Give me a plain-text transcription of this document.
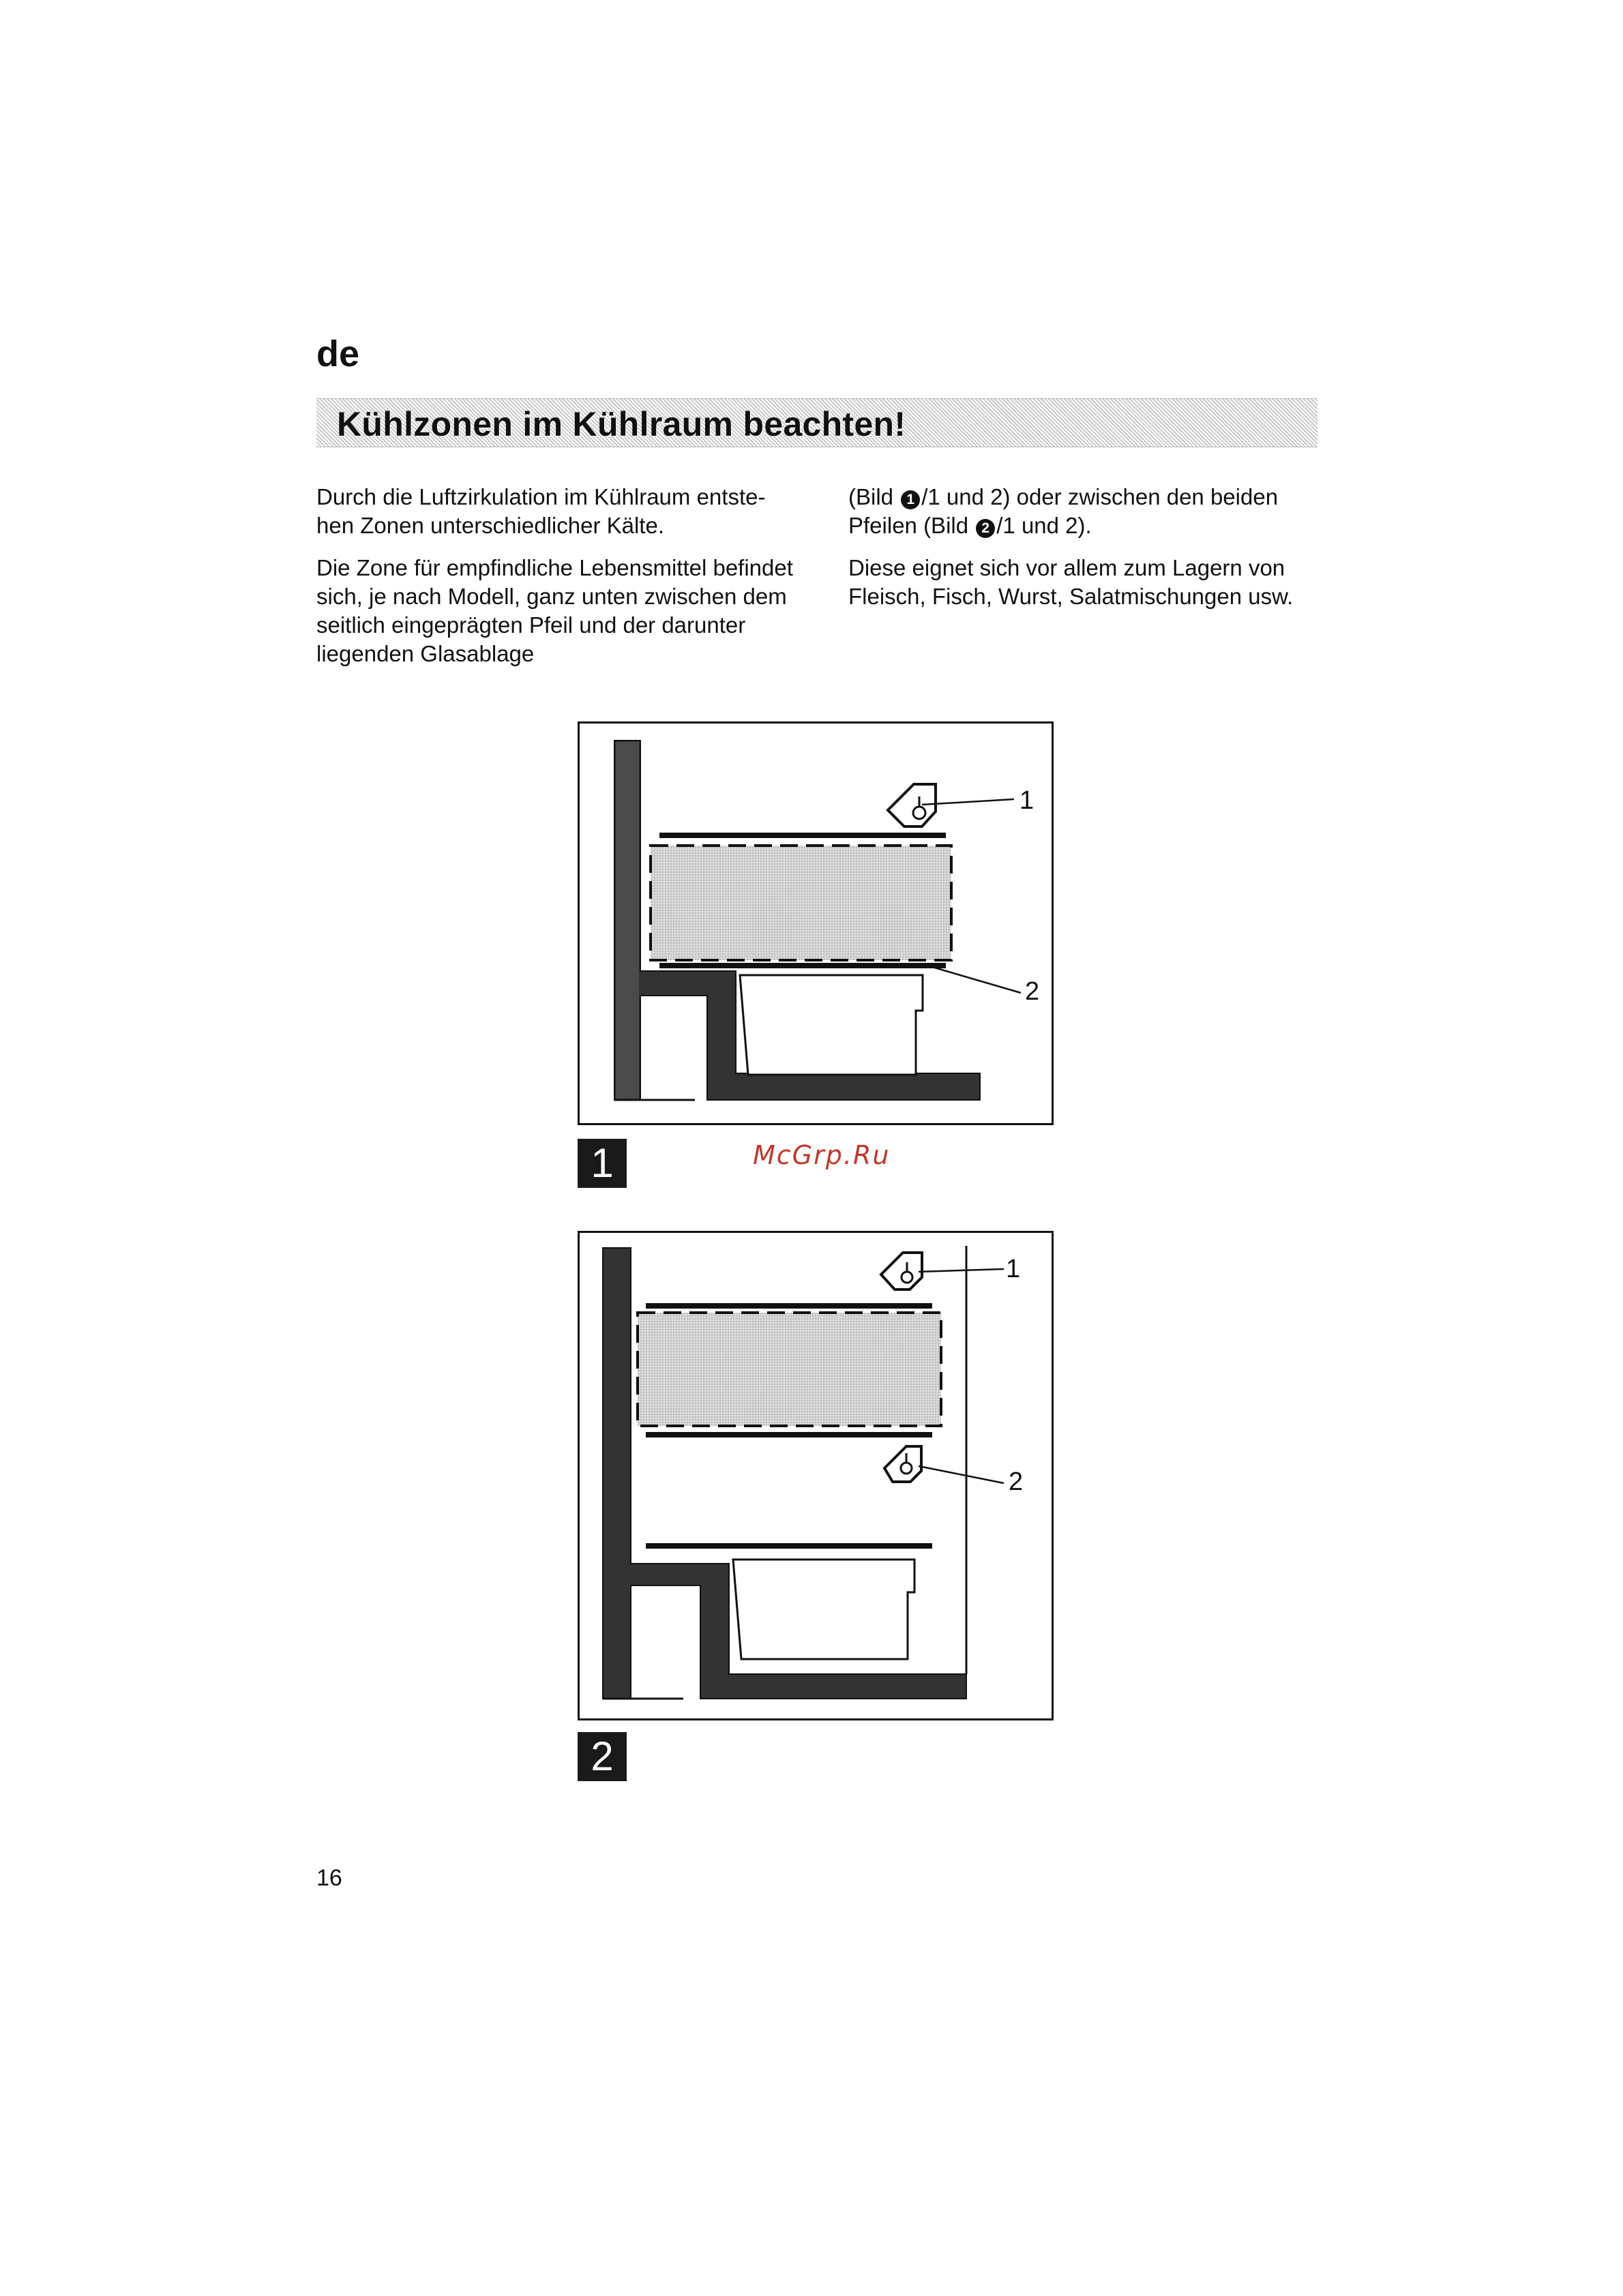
de
Kühlzonen im Kühlraum beachten!

Durch die Luftzirkulation im Kühlraum entste- hen Zonen unterschiedlicher Kälte.

Die Zone für empfindliche Lebensmittel befindet sich, je nach Modell, ganz unten zwischen dem seitlich eingeprägten Pfeil und der darunter liegenden Glasablage

(Bild 1 /1 und 2) oder zwischen den beiden Pfeilen (Bild 2 /1 und 2).

Diese eignet sich vor allem zum Lagern von Fleisch, Fisch, Wurst, Salatmischungen usw.

1
2
1	McGrp.Ru
1
2
2
16
